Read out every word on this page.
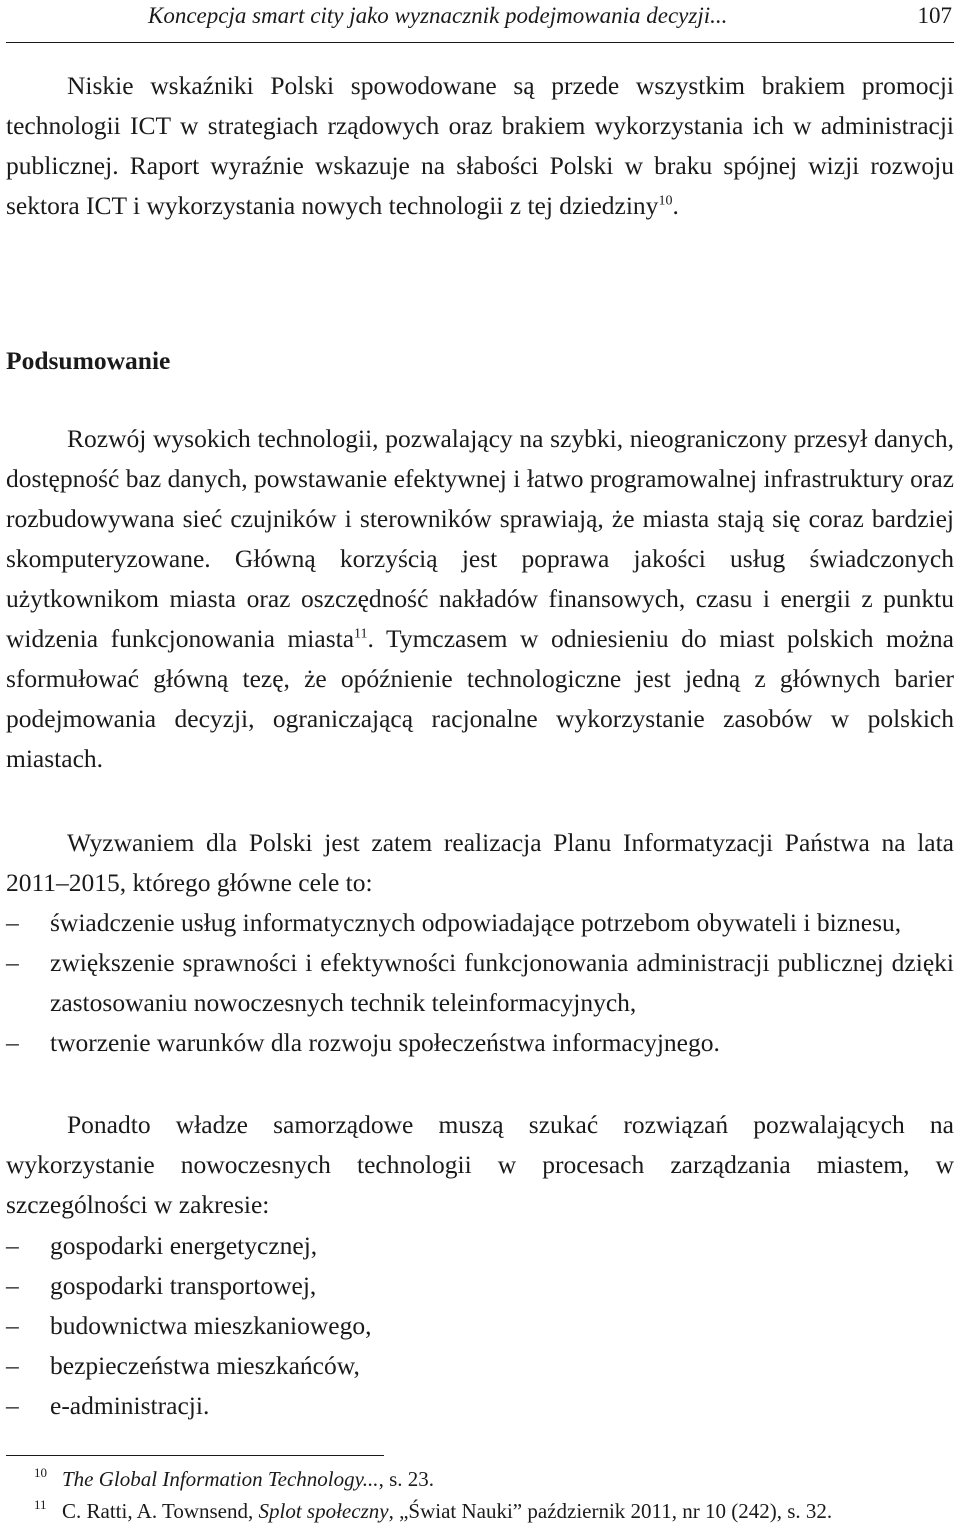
Koncepcja smart city jako wyznacznik podejmowania decyzji...	107

Niskie wskaźniki Polski spowodowane są przede wszystkim brakiem promocji technologii ICT w strategiach rządowych oraz brakiem wykorzystania ich w administracji publicznej. Raport wyraźnie wskazuje na słabości Polski w braku spójnej wizji rozwoju sektora ICT i wykorzystania nowych technologii z tej dziedziny$^{10}$.

Podsumowanie

Rozwój wysokich technologii, pozwalający na szybki, nieograniczony przesył danych, dostępność baz danych, powstawanie efektywnej i łatwo programowalnej infrastruktury oraz rozbudowywana sieć czujników i sterowników sprawiają, że miasta stają się coraz bardziej skomputeryzowane. Główną korzyścią jest poprawa jakości usług świadczonych użytkownikom miasta oraz oszczędność nakładów finansowych, czasu i energii z punktu widzenia funkcjonowania miasta$^{11}$. Tymczasem w odniesieniu do miast polskich można sformułować główną tezę, że opóźnienie technologiczne jest jedną z głównych barier podejmowania decyzji, ograniczającą racjonalne wykorzystanie zasobów w polskich miastach.

Wyzwaniem dla Polski jest zatem realizacja Planu Informatyzacji Państwa na lata 2011–2015, którego główne cele to:

–	świadczenie usług informatycznych odpowiadające potrzebom obywateli i biznesu,
–	zwiększenie sprawności i efektywności funkcjonowania administracji publicznej dzięki zastosowaniu nowoczesnych technik teleinformacyjnych,
–	tworzenie warunków dla rozwoju społeczeństwa informacyjnego.

Ponadto władze samorządowe muszą szukać rozwiązań pozwalających na wykorzystanie nowoczesnych technologii w procesach zarządzania miastem, w szczególności w zakresie:

–	gospodarki energetycznej,
–	gospodarki transportowej,
–	budownictwa mieszkaniowego,
–	bezpieczeństwa mieszkańców,
–	e-administracji.
10 The Global Information Technology..., s. 23.
11 C. Ratti, A. Townsend, Splot społeczny, „Świat Nauki” październik 2011, nr 10 (242), s. 32.
